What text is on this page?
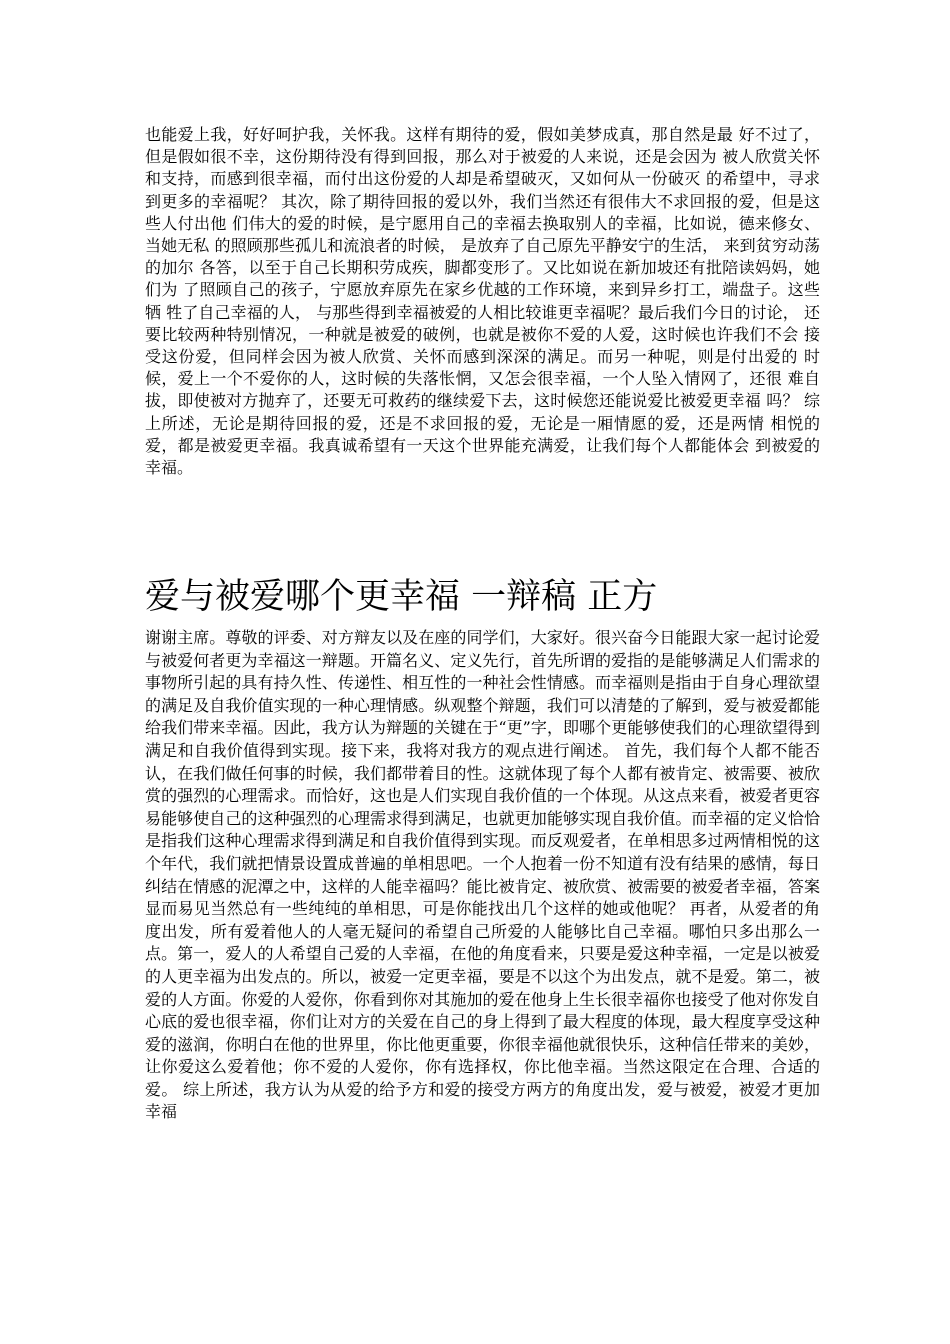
也能爱上我，好好呵护我，关怀我。这样有期待的爱，假如美梦成真，那自然是最 好不过了，但是假如很不幸，这份期待没有得到回报，那么对于被爱的人来说，还是会因为 被人欣赏关怀和支持，而感到很幸福，而付出这份爱的人却是希望破灭，又如何从一份破灭 的希望中，寻求到更多的幸福呢？ 其次，除了期待回报的爱以外，我们当然还有很伟大不求回报的爱，但是这些人付出他 们伟大的爱的时候，是宁愿用自己的幸福去换取别人的幸福，比如说，德来修女、当她无私 的照顾那些孤儿和流浪者的时候， 是放弃了自己原先平静安宁的生活， 来到贫穷动荡的加尔 各答，以至于自己长期积劳成疾，脚都变形了。又比如说在新加坡还有批陪读妈妈，她们为 了照顾自己的孩子，宁愿放弃原先在家乡优越的工作环境，来到异乡打工，端盘子。这些牺 牲了自己幸福的人， 与那些得到幸福被爱的人相比较谁更幸福呢？最后我们今日的讨论， 还 要比较两种特别情况，一种就是被爱的破例，也就是被你不爱的人爱，这时候也许我们不会 接受这份爱，但同样会因为被人欣赏、关怀而感到深深的满足。而另一种呢，则是付出爱的 时候，爱上一个不爱你的人，这时候的失落怅惘，又怎会很幸福，一个人坠入情网了，还很 难自拔，即使被对方抛弃了，还要无可救药的继续爱下去，这时候您还能说爱比被爱更幸福 吗？ 综上所述，无论是期待回报的爱，还是不求回报的爱，无论是一厢情愿的爱，还是两情 相悦的爱，都是被爱更幸福。我真诚希望有一天这个世界能充满爱，让我们每个人都能体会 到被爱的幸福。

爱与被爱哪个更幸福 一辩稿 正方

谢谢主席。尊敬的评委、对方辩友以及在座的同学们，大家好。很兴奋今日能跟大家一起讨论爱与被爱何者更为幸福这一辩题。开篇名义、定义先行，首先所谓的爱指的是能够满足人们需求的事物所引起的具有持久性、传递性、相互性的一种社会性情感。而幸福则是指由于自身心理欲望的满足及自我价值实现的一种心理情感。纵观整个辩题，我们可以清楚的了解到，爱与被爱都能给我们带来幸福。因此，我方认为辩题的关键在于“更”字，即哪个更能够使我们的心理欲望得到满足和自我价值得到实现。接下来，我将对我方的观点进行阐述。 首先，我们每个人都不能否认，在我们做任何事的时候，我们都带着目的性。这就体现了每个人都有被肯定、被需要、被欣赏的强烈的心理需求。而恰好，这也是人们实现自我价值的一个体现。从这点来看，被爱者更容易能够使自己的这种强烈的心理需求得到满足，也就更加能够实现自我价值。而幸福的定义恰恰是指我们这种心理需求得到满足和自我价值得到实现。而反观爱者，在单相思多过两情相悦的这个年代，我们就把情景设置成普遍的单相思吧。一个人抱着一份不知道有没有结果的感情，每日纠结在情感的泥潭之中，这样的人能幸福吗？能比被肯定、被欣赏、被需要的被爱者幸福，答案显而易见当然总有一些纯纯的单相思，可是你能找出几个这样的她或他呢？ 再者，从爱者的角度出发，所有爱着他人的人毫无疑问的希望自己所爱的人能够比自己幸福。哪怕只多出那么一点。第一，爱人的人希望自己爱的人幸福，在他的角度看来，只要是爱这种幸福，一定是以被爱的人更幸福为出发点的。所以，被爱一定更幸福，要是不以这个为出发点，就不是爱。第二，被爱的人方面。你爱的人爱你，你看到你对其施加的爱在他身上生长很幸福你也接受了他对你发自心底的爱也很幸福，你们让对方的关爱在自己的身上得到了最大程度的体现，最大程度享受这种爱的滋润，你明白在他的世界里，你比他更重要，你很幸福他就很快乐，这种信任带来的美妙，让你爱这么爱着他；你不爱的人爱你，你有选择权，你比他幸福。当然这限定在合理、合适的爱。 综上所述，我方认为从爱的给予方和爱的接受方两方的角度出发，爱与被爱，被爱才更加幸福
